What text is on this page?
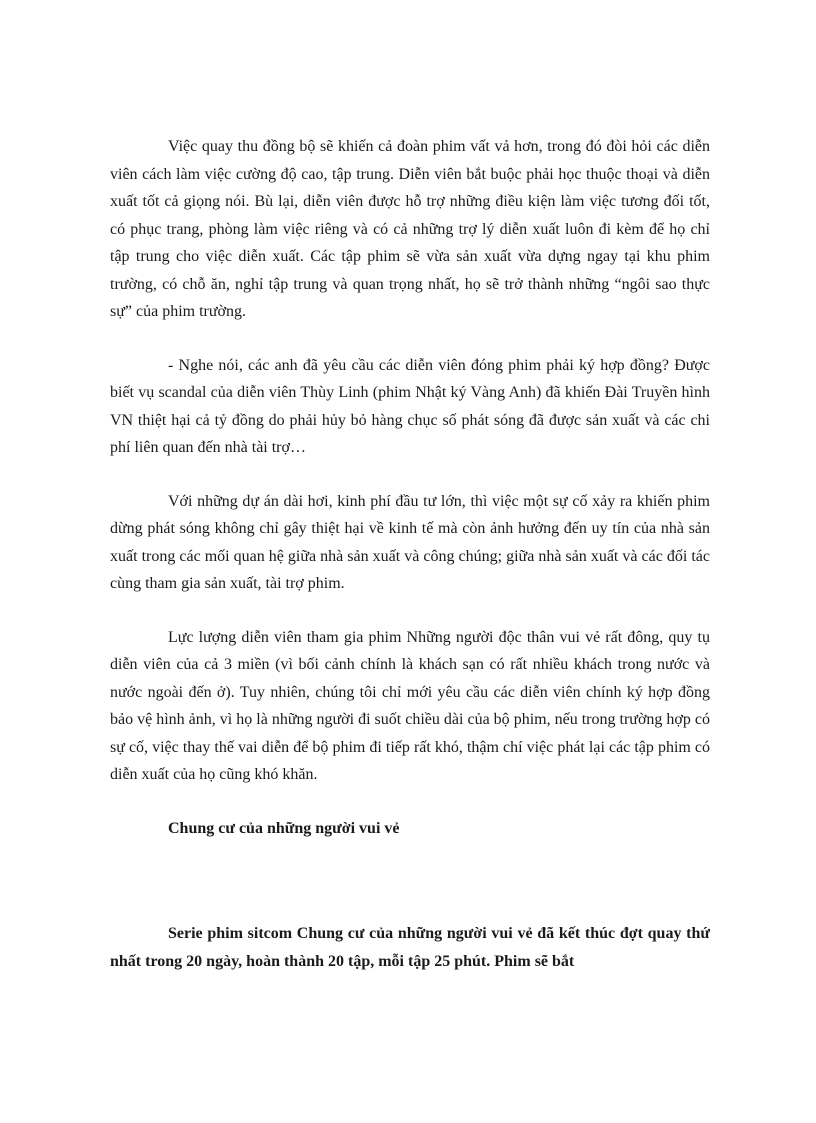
Việc quay thu đồng bộ sẽ khiến cả đoàn phim vất vả hơn, trong đó đòi hỏi các diễn viên cách làm việc cường độ cao, tập trung. Diễn viên bắt buộc phải học thuộc thoại và diễn xuất tốt cả giọng nói. Bù lại, diễn viên được hỗ trợ những điều kiện làm việc tương đối tốt, có phục trang, phòng làm việc riêng và có cả những trợ lý diễn xuất luôn đi kèm để họ chỉ tập trung cho việc diễn xuất. Các tập phim sẽ vừa sản xuất vừa dựng ngay tại khu phim trường, có chỗ ăn, nghỉ tập trung và quan trọng nhất, họ sẽ trở thành những “ngôi sao thực sự” của phim trường.

- Nghe nói, các anh đã yêu cầu các diễn viên đóng phim phải ký hợp đồng? Được biết vụ scandal của diễn viên Thùy Linh (phim Nhật ký Vàng Anh) đã khiến Đài Truyền hình VN thiệt hại cả tỷ đồng do phải hủy bỏ hàng chục số phát sóng đã được sản xuất và các chi phí liên quan đến nhà tài trợ…

Với những dự án dài hơi, kinh phí đầu tư lớn, thì việc một sự cố xảy ra khiến phim dừng phát sóng không chỉ gây thiệt hại về kinh tế mà còn ảnh hưởng đến uy tín của nhà sản xuất trong các mối quan hệ giữa nhà sản xuất và công chúng; giữa nhà sản xuất và các đối tác cùng tham gia sản xuất, tài trợ phim.

Lực lượng diễn viên tham gia phim Những người độc thân vui vẻ rất đông, quy tụ diễn viên của cả 3 miền (vì bối cảnh chính là khách sạn có rất nhiều khách trong nước và nước ngoài đến ở). Tuy nhiên, chúng tôi chỉ mới yêu cầu các diễn viên chính ký hợp đồng bảo vệ hình ảnh, vì họ là những người đi suốt chiều dài của bộ phim, nếu trong trường hợp có sự cố, việc thay thế vai diễn để bộ phim đi tiếp rất khó, thậm chí việc phát lại các tập phim có diễn xuất của họ cũng khó khăn.

Chung cư của những người vui vẻ

Serie phim sitcom Chung cư của những người vui vẻ đã kết thúc đợt quay thứ nhất trong 20 ngày, hoàn thành 20 tập, mỗi tập 25 phút. Phim sẽ bắt
